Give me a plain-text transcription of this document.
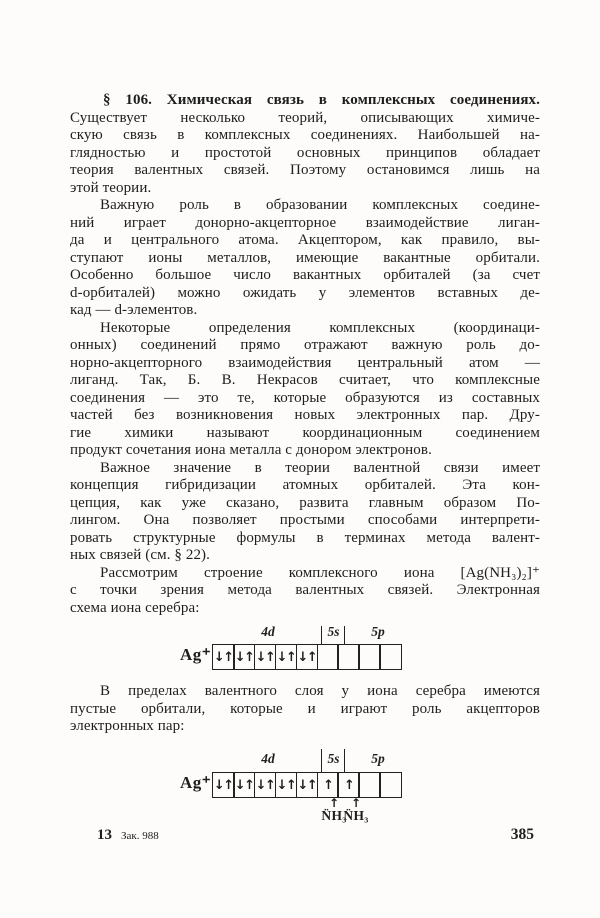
§ 106. Химическая связь в комплексных соединениях.
Существует несколько теорий, описывающих химиче-
скую связь в комплексных соединениях. Наибольшей на-
глядностью и простотой основных принципов обладает
теория валентных связей. Поэтому остановимся лишь на
этой теории.
Важную роль в образовании комплексных соедине-
ний играет донорно-акцепторное взаимодействие лиган-
да и центрального атома. Акцептором, как правило, вы-
ступают ионы металлов, имеющие вакантные орбитали.
Особенно большое число вакантных орбиталей (за счет
d-орбиталей) можно ожидать у элементов вставных де-
кад — d-элементов.
Некоторые определения комплексных (координаци-
онных) соединений прямо отражают важную роль до-
норно-акцепторного взаимодействия центральный атом —
лиганд. Так, Б. В. Некрасов считает, что комплексные
соединения — это те, которые образуются из составных
частей без возникновения новых электронных пар. Дру-
гие химики называют координационным соединением
продукт сочетания иона металла с донором электронов.
Важное значение в теории валентной связи имеет
концепция гибридизации атомных орбиталей. Эта кон-
цепция, как уже сказано, развита главным образом По-
лингом. Она позволяет простыми способами интерпрети-
ровать структурные формулы в терминах метода валент-
ных связей (см. § 22).
Рассмотрим строение комплексного иона [Ag(NH₃)₂]⁺
с точки зрения метода валентных связей. Электронная
схема иона серебра:
Ag⁺
4d	5s	5p
↓↑ ↓↑ ↓↑ ↓↑ ↓↑
В пределах валентного слоя у иона серебра имеются
пустые орбитали, которые и играют роль акцепторов
электронных пар:
Ag⁺
4d	5s	5p
↓↑ ↓↑ ↓↑ ↓↑ ↓↑ ↑ ↑
↑
N̈H₃
↑
N̈H₃
13 Зак. 988	385
